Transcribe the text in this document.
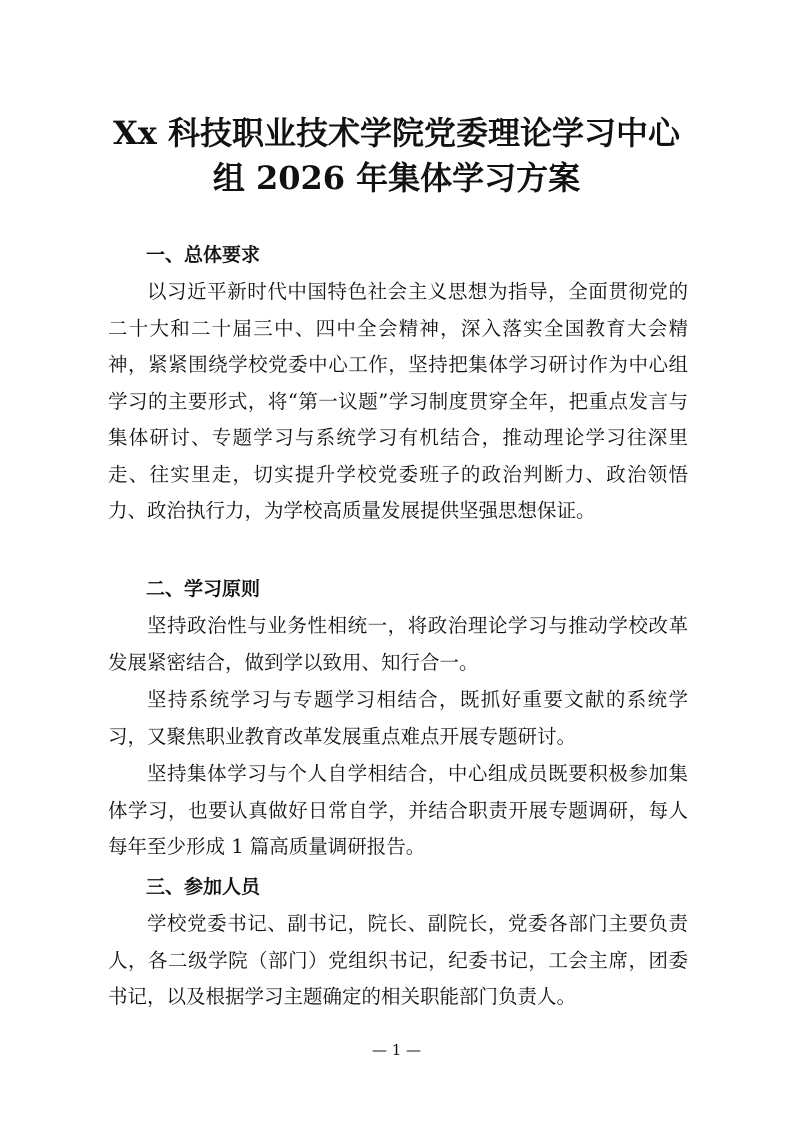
Xx 科技职业技术学院党委理论学习中心
组 2026 年集体学习方案
一、总体要求

以习近平新时代中国特色社会主义思想为指导，全面贯彻党的二十大和二十届三中、四中全会精神，深入落实全国教育大会精神，紧紧围绕学校党委中心工作，坚持把集体学习研讨作为中心组学习的主要形式，将“第一议题”学习制度贯穿全年，把重点发言与集体研讨、专题学习与系统学习有机结合，推动理论学习往深里走、往实里走，切实提升学校党委班子的政治判断力、政治领悟力、政治执行力，为学校高质量发展提供坚强思想保证。

二、学习原则

坚持政治性与业务性相统一，将政治理论学习与推动学校改革发展紧密结合，做到学以致用、知行合一。

坚持系统学习与专题学习相结合，既抓好重要文献的系统学习，又聚焦职业教育改革发展重点难点开展专题研讨。

坚持集体学习与个人自学相结合，中心组成员既要积极参加集体学习，也要认真做好日常自学，并结合职责开展专题调研，每人每年至少形成 1 篇高质量调研报告。

三、参加人员

学校党委书记、副书记，院长、副院长，党委各部门主要负责人，各二级学院（部门）党组织书记，纪委书记，工会主席，团委书记，以及根据学习主题确定的相关职能部门负责人。

— 1 —
